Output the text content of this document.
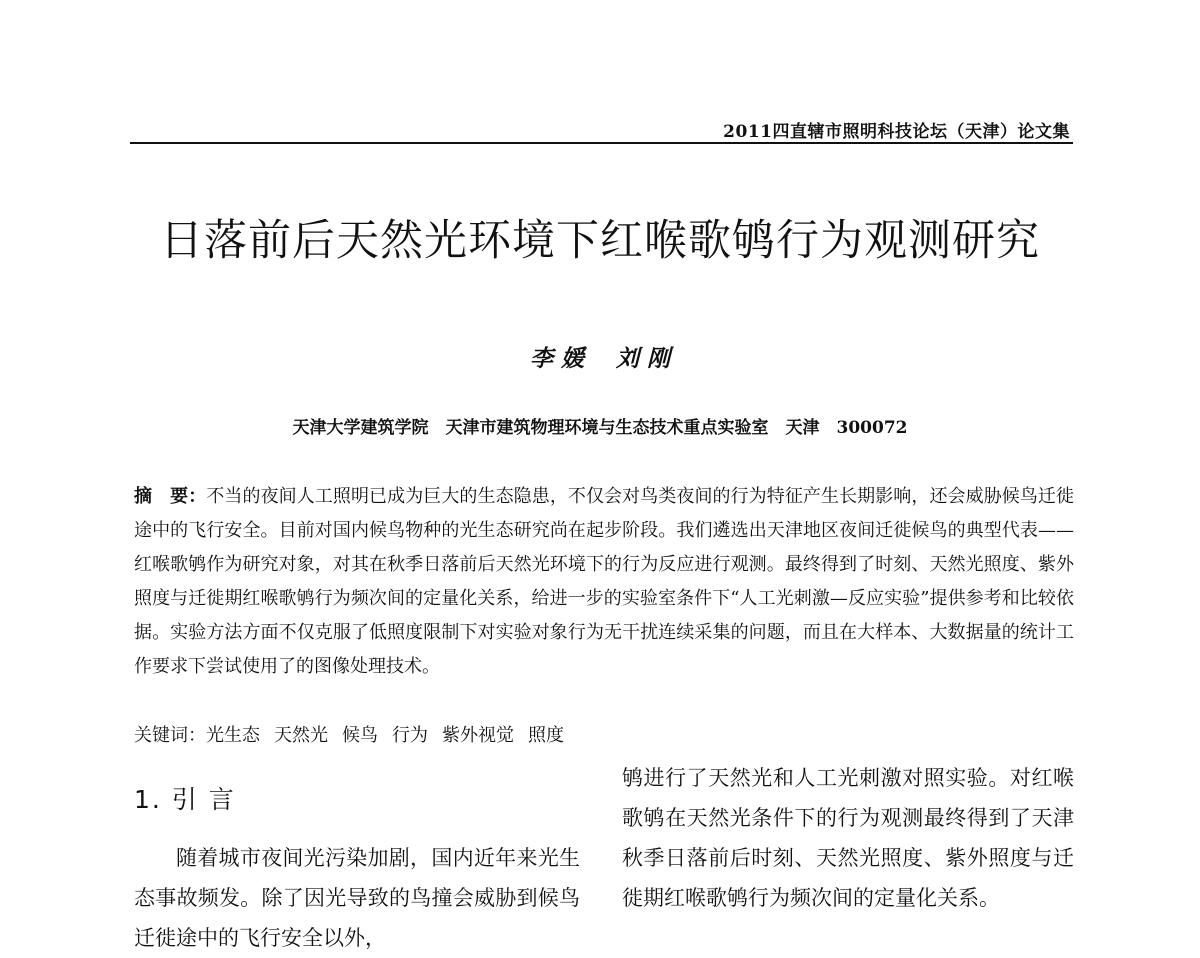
2011四直辖市照明科技论坛（天津）论文集
日落前后天然光环境下红喉歌鸲行为观测研究
李 媛 刘 刚
天津大学建筑学院　天津市建筑物理环境与生态技术重点实验室　天津　300072
摘　要：不当的夜间人工照明已成为巨大的生态隐患，不仅会对鸟类夜间的行为特征产生长期影响，还会威胁候鸟迁徙途中的飞行安全。目前对国内候鸟物种的光生态研究尚在起步阶段。我们遴选出天津地区夜间迁徙候鸟的典型代表——红喉歌鸲作为研究对象，对其在秋季日落前后天然光环境下的行为反应进行观测。最终得到了时刻、天然光照度、紫外照度与迁徙期红喉歌鸲行为频次间的定量化关系，给进一步的实验室条件下“人工光刺激—反应实验”提供参考和比较依据。实验方法方面不仅克服了低照度限制下对实验对象行为无干扰连续采集的问题，而且在大样本、大数据量的统计工作要求下尝试使用了的图像处理技术。
关键词：光生态 天然光 候鸟 行为 紫外视觉 照度
1. 引 言

随着城市夜间光污染加剧，国内近年来光生态事故频发。除了因光导致的鸟撞会威胁到候鸟迁徙途中的飞行安全以外，

鸲进行了天然光和人工光刺激对照实验。对红喉歌鸲在天然光条件下的行为观测最终得到了天津秋季日落前后时刻、天然光照度、紫外照度与迁徙期红喉歌鸲行为频次间的定量化关系。
